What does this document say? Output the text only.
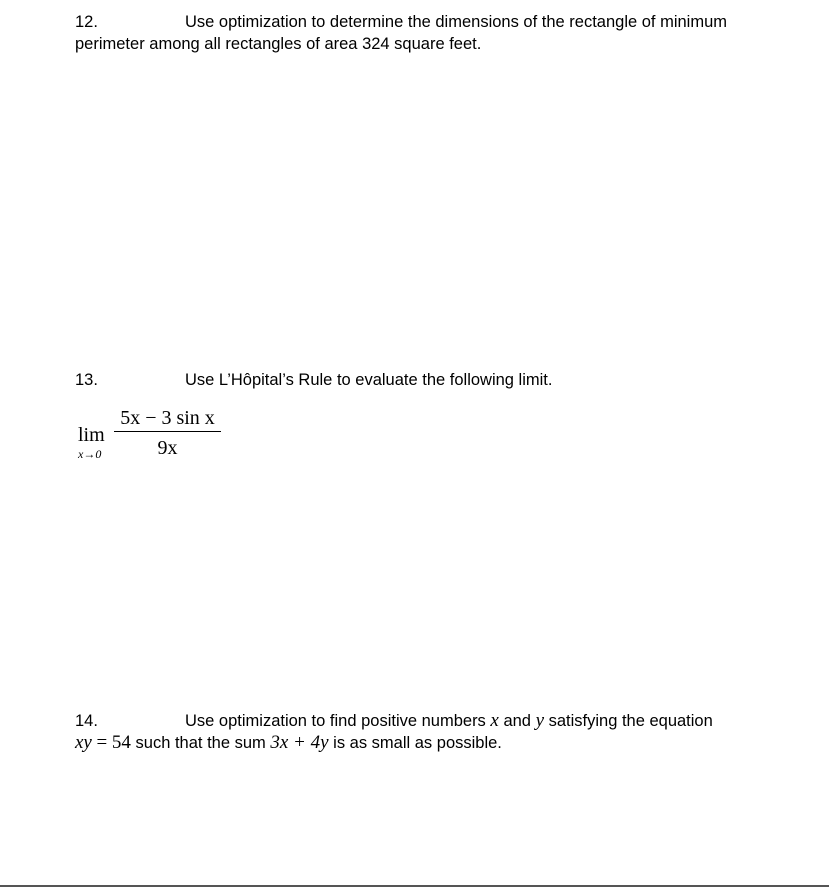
12.	Use optimization to determine the dimensions of the rectangle of minimum perimeter among all rectangles of area 324 square feet.
13.	Use L’Hôpital’s Rule to evaluate the following limit.
lim
x→0
5x − 3 sin x
9x
14.	Use optimization to find positive numbers x and y satisfying the equation
xy = 54 such that the sum 3x + 4y is as small as possible.
